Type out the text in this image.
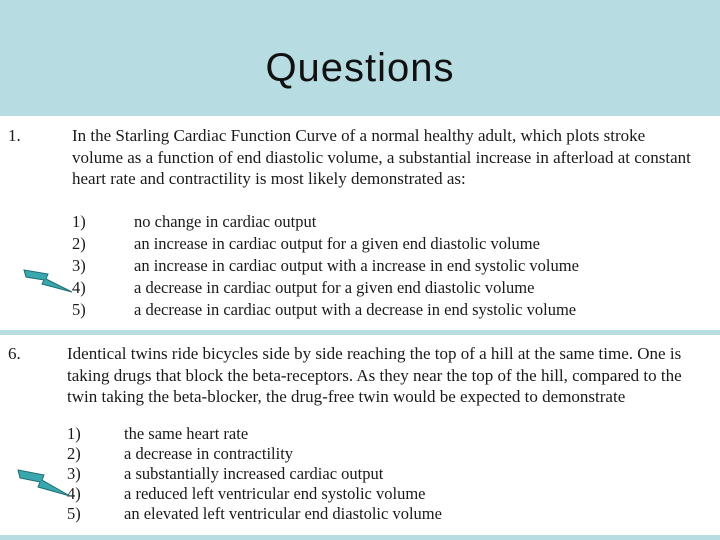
Questions
1.	In the Starling Cardiac Function Curve of a normal healthy adult, which plots stroke volume as a function of end diastolic volume, a substantial increase in afterload at constant heart rate and contractility is most likely demonstrated as:
1)	no change in cardiac output
2)	an increase in cardiac output for a given end diastolic volume
3)	an increase in cardiac output with a increase in end systolic volume
4)	a decrease in cardiac output for a given end diastolic volume
5)	a decrease in cardiac output with a decrease in end systolic volume
6.	Identical twins ride bicycles side by side reaching the top of a hill at the same time. One is taking drugs that block the beta-receptors. As they near the top of the hill, compared to the twin taking the beta-blocker, the drug-free twin would be expected to demonstrate
1)	the same heart rate
2)	a decrease in contractility
3)	a substantially increased cardiac output
4)	a reduced left ventricular end systolic volume
5)	an elevated left ventricular end diastolic volume
